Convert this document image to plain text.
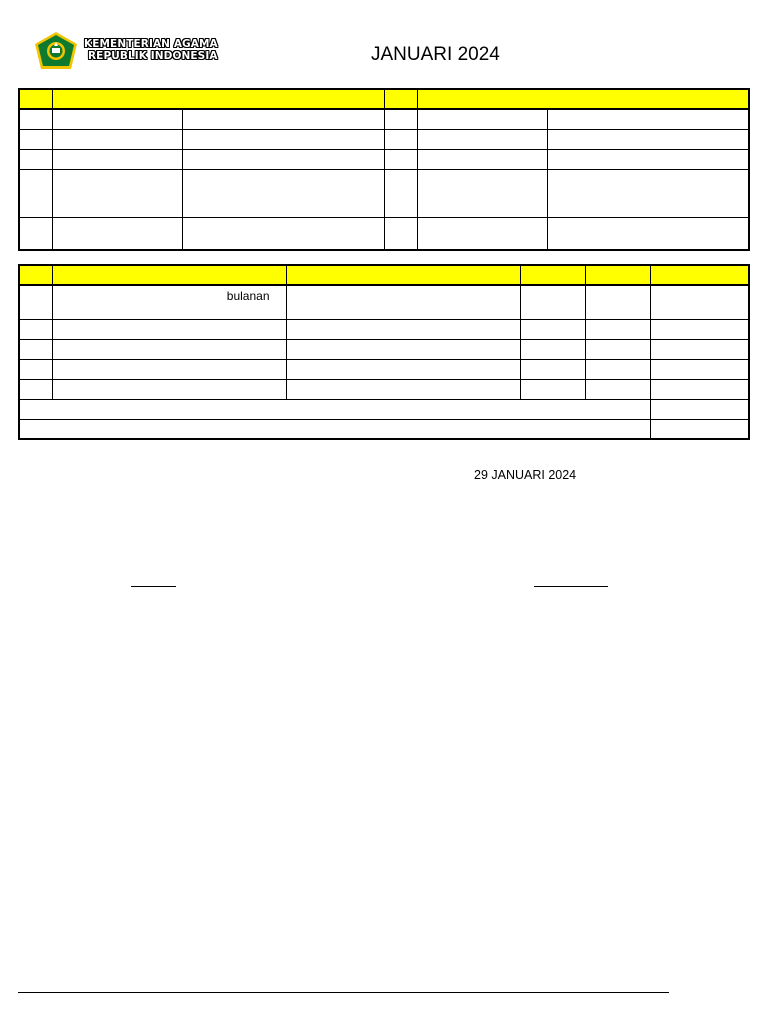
KEMENTERIAN AGAMA
REPUBLIK INDONESIA	JANUARI 2024

	bulanan				

29 JANUARI 2024
